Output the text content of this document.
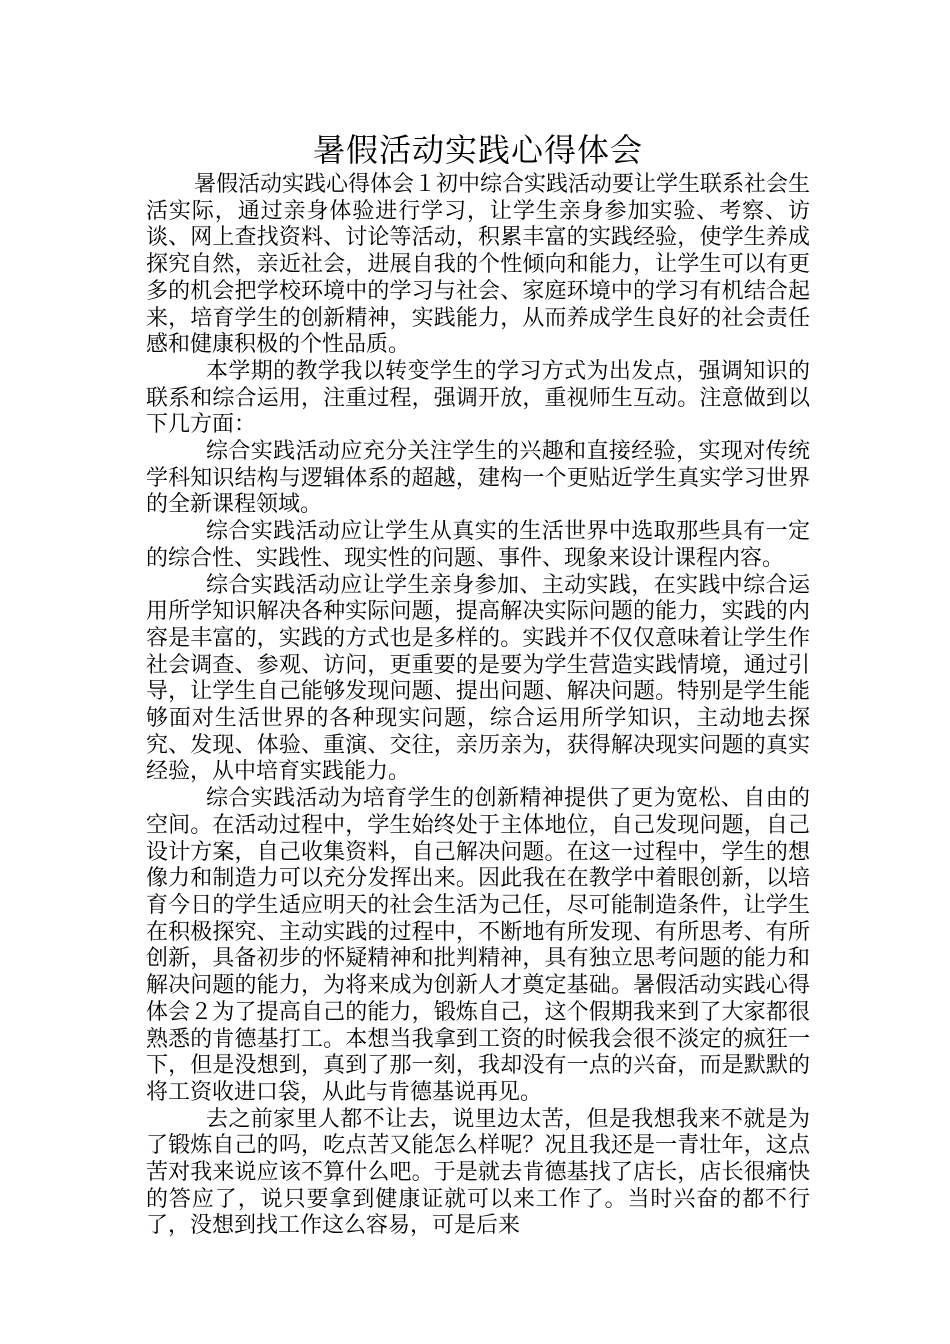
暑假活动实践心得体会

暑假活动实践心得体会１初中综合实践活动要让学生联系社会生活实际，通过亲身体验进行学习，让学生亲身参加实验、考察、访谈、网上查找资料、讨论等活动，积累丰富的实践经验，使学生养成探究自然，亲近社会，进展自我的个性倾向和能力，让学生可以有更多的机会把学校环境中的学习与社会、家庭环境中的学习有机结合起来，培育学生的创新精神，实践能力，从而养成学生良好的社会责任感和健康积极的个性品质。

本学期的教学我以转变学生的学习方式为出发点，强调知识的联系和综合运用，注重过程，强调开放，重视师生互动。注意做到以下几方面：

综合实践活动应充分关注学生的兴趣和直接经验，实现对传统学科知识结构与逻辑体系的超越，建构一个更贴近学生真实学习世界的全新课程领域。

综合实践活动应让学生从真实的生活世界中选取那些具有一定的综合性、实践性、现实性的问题、事件、现象来设计课程内容。

综合实践活动应让学生亲身参加、主动实践，在实践中综合运用所学知识解决各种实际问题，提高解决实际问题的能力，实践的内容是丰富的，实践的方式也是多样的。实践并不仅仅意味着让学生作社会调查、参观、访问，更重要的是要为学生营造实践情境，通过引导，让学生自己能够发现问题、提出问题、解决问题。特别是学生能够面对生活世界的各种现实问题，综合运用所学知识，主动地去探究、发现、体验、重演、交往，亲历亲为，获得解决现实问题的真实经验，从中培育实践能力。

综合实践活动为培育学生的创新精神提供了更为宽松、自由的空间。在活动过程中，学生始终处于主体地位，自己发现问题，自己设计方案，自己收集资料，自己解决问题。在这一过程中，学生的想像力和制造力可以充分发挥出来。因此我在在教学中着眼创新，以培育今日的学生适应明天的社会生活为己任，尽可能制造条件，让学生在积极探究、主动实践的过程中，不断地有所发现、有所思考、有所创新，具备初步的怀疑精神和批判精神，具有独立思考问题的能力和解决问题的能力，为将来成为创新人才奠定基础。暑假活动实践心得体会２为了提高自己的能力，锻炼自己，这个假期我来到了大家都很熟悉的肯德基打工。本想当我拿到工资的时候我会很不淡定的疯狂一下，但是没想到，真到了那一刻，我却没有一点的兴奋，而是默默的将工资收进口袋，从此与肯德基说再见。

去之前家里人都不让去，说里边太苦，但是我想我来不就是为了锻炼自己的吗，吃点苦又能怎么样呢？况且我还是一青壮年，这点苦对我来说应该不算什么吧。于是就去肯德基找了店长，店长很痛快的答应了，说只要拿到健康证就可以来工作了。当时兴奋的都不行了，没想到找工作这么容易，可是后来
